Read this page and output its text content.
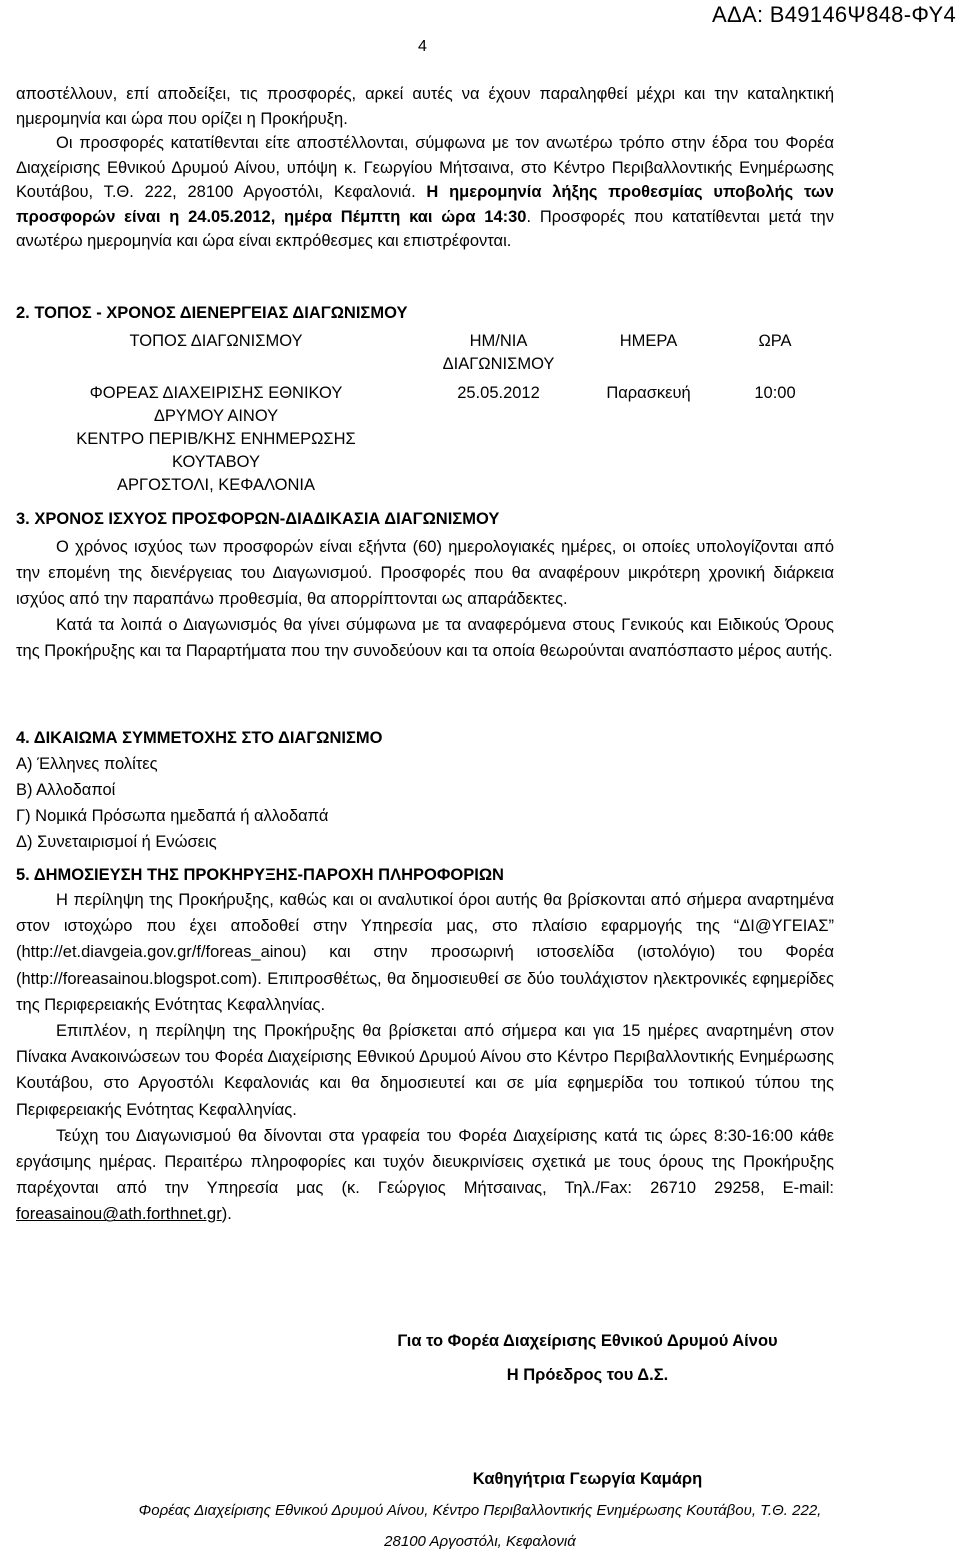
ΑΔΑ: Β49146Ψ848-ΦΥ4
4

αποστέλλουν, επί αποδείξει, τις προσφορές, αρκεί αυτές να έχουν παραληφθεί μέχρι και την καταληκτική ημερομηνία και ώρα που ορίζει η Προκήρυξη.

Οι προσφορές κατατίθενται είτε αποστέλλονται, σύμφωνα με τον ανωτέρω τρόπο στην έδρα του Φορέα Διαχείρισης Εθνικού Δρυμού Αίνου, υπόψη κ. Γεωργίου Μήτσαινα, στο Κέντρο Περιβαλλοντικής Ενημέρωσης Κουτάβου, Τ.Θ. 222, 28100 Αργοστόλι, Κεφαλονιά. Η ημερομηνία λήξης προθεσμίας υποβολής των προσφορών είναι η 24.05.2012, ημέρα Πέμπτη και ώρα 14:30. Προσφορές που κατατίθενται μετά την ανωτέρω ημερομηνία και ώρα είναι εκπρόθεσμες και επιστρέφονται.

2. ΤΟΠΟΣ - ΧΡΟΝΟΣ ΔΙΕΝΕΡΓΕΙΑΣ ΔΙΑΓΩΝΙΣΜΟΥ
ΤΟΠΟΣ ΔΙΑΓΩΝΙΣΜΟΥ	ΗΜ/ΝΙΑ ΔΙΑΓΩΝΙΣΜΟΥ	ΗΜΕΡΑ	ΩΡΑ

ΦΟΡΕΑΣ ΔΙΑΧΕΙΡΙΣΗΣ ΕΘΝΙΚΟΥ
ΔΡΥΜΟΥ ΑΙΝΟΥ
ΚΕΝΤΡΟ ΠΕΡΙΒ/ΚΗΣ ΕΝΗΜΕΡΩΣΗΣ
ΚΟΥΤΑΒΟΥ
ΑΡΓΟΣΤΟΛΙ, ΚΕΦΑΛΟΝΙΑ	25.05.2012	Παρασκευή	10:00
3. ΧΡΟΝΟΣ ΙΣΧΥΟΣ ΠΡΟΣΦΟΡΩΝ-ΔΙΑΔΙΚΑΣΙΑ ΔΙΑΓΩΝΙΣΜΟΥ

Ο χρόνος ισχύος των προσφορών είναι εξήντα (60) ημερολογιακές ημέρες, οι οποίες υπολογίζονται από την επομένη της διενέργειας του Διαγωνισμού. Προσφορές που θα αναφέρουν μικρότερη χρονική διάρκεια ισχύος από την παραπάνω προθεσμία, θα απορρίπτονται ως απαράδεκτες.

Κατά τα λοιπά ο Διαγωνισμός θα γίνει σύμφωνα με τα αναφερόμενα στους Γενικούς και Ειδικούς Όρους της Προκήρυξης και τα Παραρτήματα που την συνοδεύουν και τα οποία θεωρούνται αναπόσπαστο μέρος αυτής.

4. ΔΙΚΑΙΩΜΑ ΣΥΜΜΕΤΟΧΗΣ ΣΤΟ ΔΙΑΓΩΝΙΣΜΟ
Α) Έλληνες πολίτες
Β) Αλλοδαποί
Γ) Νομικά Πρόσωπα ημεδαπά ή αλλοδαπά
Δ) Συνεταιρισμοί ή Ενώσεις
5. ΔΗΜΟΣΙΕΥΣΗ ΤΗΣ ΠΡΟΚΗΡΥΞΗΣ-ΠΑΡΟΧΗ ΠΛΗΡΟΦΟΡΙΩΝ

Η περίληψη της Προκήρυξης, καθώς και οι αναλυτικοί όροι αυτής θα βρίσκονται από σήμερα αναρτημένα στον ιστοχώρο που έχει αποδοθεί στην Υπηρεσία μας, στο πλαίσιο εφαρμογής της “ΔΙ@ΥΓΕΙΑΣ” (http://et.diavgeia.gov.gr/f/foreas_ainou) και στην προσωρινή ιστοσελίδα (ιστολόγιο) του Φορέα (http://foreasainou.blogspot.com). Επιπροσθέτως, θα δημοσιευθεί σε δύο τουλάχιστον ηλεκτρονικές εφημερίδες της Περιφερειακής Ενότητας Κεφαλληνίας.

Επιπλέον, η περίληψη της Προκήρυξης θα βρίσκεται από σήμερα και για 15 ημέρες αναρτημένη στον Πίνακα Ανακοινώσεων του Φορέα Διαχείρισης Εθνικού Δρυμού Αίνου στο Κέντρο Περιβαλλοντικής Ενημέρωσης Κουτάβου, στο Αργοστόλι Κεφαλονιάς και θα δημοσιευτεί και σε μία εφημερίδα του τοπικού τύπου της Περιφερειακής Ενότητας Κεφαλληνίας.

Τεύχη του Διαγωνισμού θα δίνονται στα γραφεία του Φορέα Διαχείρισης κατά τις ώρες 8:30-16:00 κάθε εργάσιμης ημέρας. Περαιτέρω πληροφορίες και τυχόν διευκρινίσεις σχετικά με τους όρους της Προκήρυξης παρέχονται από την Υπηρεσία μας (κ. Γεώργιος Μήτσαινας, Τηλ./Fax: 26710 29258, E-mail: foreasainou@ath.forthnet.gr).

Για το Φορέα Διαχείρισης Εθνικού Δρυμού Αίνου
Η Πρόεδρος του Δ.Σ.
Καθηγήτρια Γεωργία Καμάρη
Φορέας Διαχείρισης Εθνικού Δρυμού Αίνου, Κέντρο Περιβαλλοντικής Ενημέρωσης Κουτάβου, Τ.Θ. 222,
28100 Αργοστόλι, Κεφαλονιά
